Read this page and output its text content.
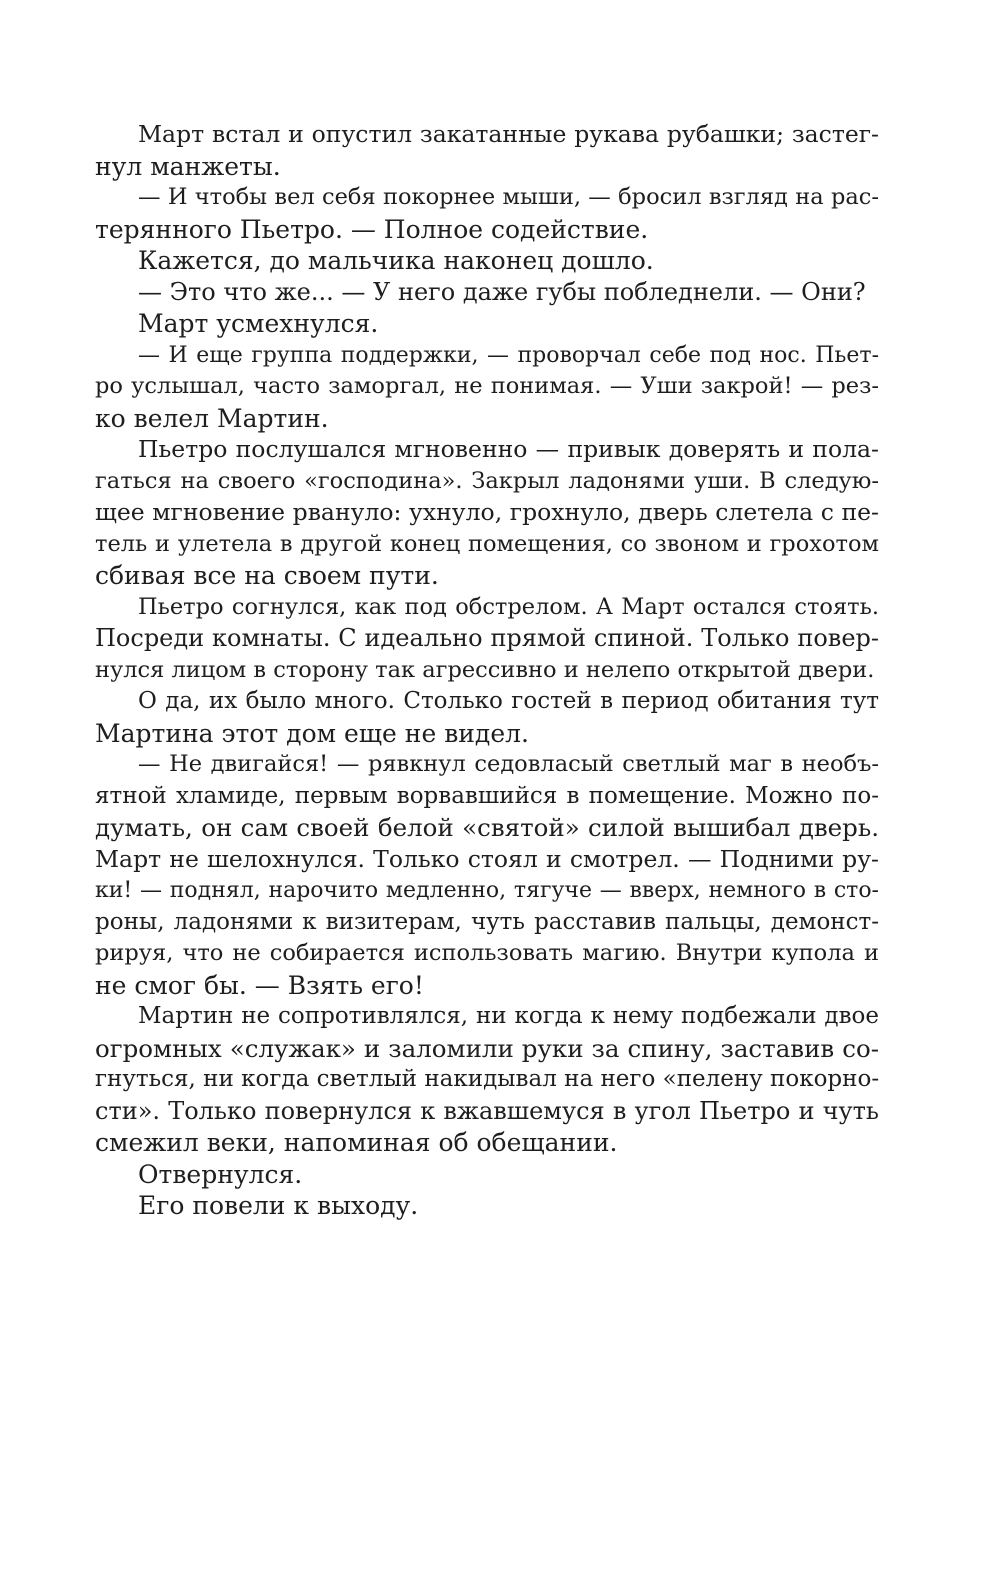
Март встал и опустил закатанные рукава рубашки; застег-
нул манжеты.
— И чтобы вел себя покорнее мыши, — бросил взгляд на рас-
терянного Пьетро. — Полное содействие.
Кажется, до мальчика наконец дошло.
— Это что же... — У него даже губы побледнели. — Они?
Март усмехнулся.
— И еще группа поддержки, — проворчал себе под нос. Пьет-
ро услышал, часто заморгал, не понимая. — Уши закрой! — рез-
ко велел Мартин.
Пьетро послушался мгновенно — привык доверять и пола-
гаться на своего «господина». Закрыл ладонями уши. В следую-
щее мгновение рвануло: ухнуло, грохнуло, дверь слетела с пе-
тель и улетела в другой конец помещения, со звоном и грохотом
сбивая все на своем пути.
Пьетро согнулся, как под обстрелом. А Март остался стоять.
Посреди комнаты. С идеально прямой спиной. Только повер-
нулся лицом в сторону так агрессивно и нелепо открытой двери.
О да, их было много. Столько гостей в период обитания тут
Мартина этот дом еще не видел.
— Не двигайся! — рявкнул седовласый светлый маг в необъ-
ятной хламиде, первым ворвавшийся в помещение. Можно по-
думать, он сам своей белой «святой» силой вышибал дверь.
Март не шелохнулся. Только стоял и смотрел. — Подними ру-
ки! — поднял, нарочито медленно, тягуче — вверх, немного в сто-
роны, ладонями к визитерам, чуть расставив пальцы, демонст-
рируя, что не собирается использовать магию. Внутри купола и
не смог бы. — Взять его!
Мартин не сопротивлялся, ни когда к нему подбежали двое
огромных «служак» и заломили руки за спину, заставив со-
гнуться, ни когда светлый накидывал на него «пелену покорно-
сти». Только повернулся к вжавшемуся в угол Пьетро и чуть
смежил веки, напоминая об обещании.
Отвернулся.
Его повели к выходу.
